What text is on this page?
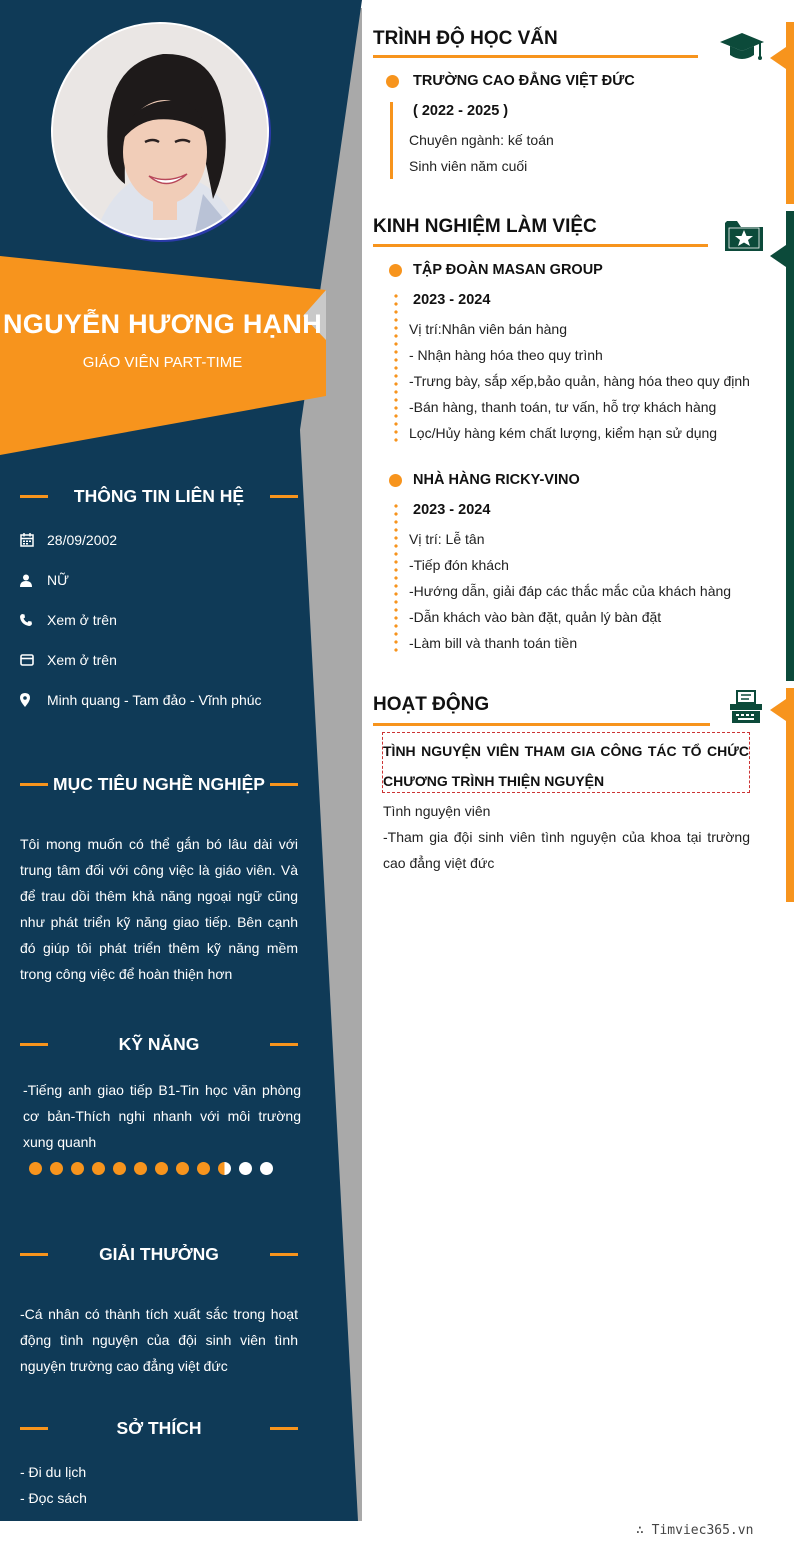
NGUYỄN HƯƠNG HẠNH
GIÁO VIÊN PART-TIME
THÔNG TIN LIÊN HỆ
28/09/2002
NỮ
Xem ở trên
Xem ở trên
Minh quang - Tam đảo - Vĩnh phúc
MỤC TIÊU NGHỀ NGHIỆP
Tôi mong muốn có thể gắn bó lâu dài với trung tâm đối với công việc là giáo viên. Và để trau dồi thêm khả năng ngoại ngữ cũng như phát triển kỹ năng giao tiếp. Bên cạnh đó giúp tôi phát triển thêm kỹ năng mềm trong công việc để hoàn thiện hơn
KỸ NĂNG
-Tiếng anh giao tiếp B1-Tin học văn phòng cơ bản-Thích nghi nhanh với môi trường xung quanh
GIẢI THƯỞNG
-Cá nhân có thành tích xuất sắc trong hoạt động tình nguyện của đội sinh viên tình nguyện trường cao đẳng việt đức
SỞ THÍCH
- Đi du lịch
- Đọc sách
TRÌNH ĐỘ HỌC VẤN
TRƯỜNG CAO ĐẲNG VIỆT ĐỨC
( 2022 - 2025 )
Chuyên ngành: kế toán
Sinh viên năm cuối
KINH NGHIỆM LÀM VIỆC
TẬP ĐOÀN MASAN GROUP
2023 - 2024
Vị trí:Nhân viên bán hàng
- Nhận hàng hóa theo quy trình
-Trưng bày, sắp xếp,bảo quản, hàng hóa theo quy định
-Bán hàng, thanh toán, tư vấn, hỗ trợ khách hàng
Lọc/Hủy hàng kém chất lượng, kiểm hạn sử dụng
NHÀ HÀNG RICKY-VINO
2023 - 2024
Vị trí: Lễ tân
-Tiếp đón khách
-Hướng dẫn, giải đáp các thắc mắc của khách hàng
-Dẫn khách vào bàn đặt, quản lý bàn đặt
-Làm bill và thanh toán tiền
HOẠT ĐỘNG
TÌNH NGUYỆN VIÊN THAM GIA CÔNG TÁC TỔ CHỨC
CHƯƠNG TRÌNH THIỆN NGUYỆN
Tình nguyện viên
-Tham gia đội sinh viên tình nguyện của khoa tại trường cao đẳng việt đức
∴ Timviec365.vn
